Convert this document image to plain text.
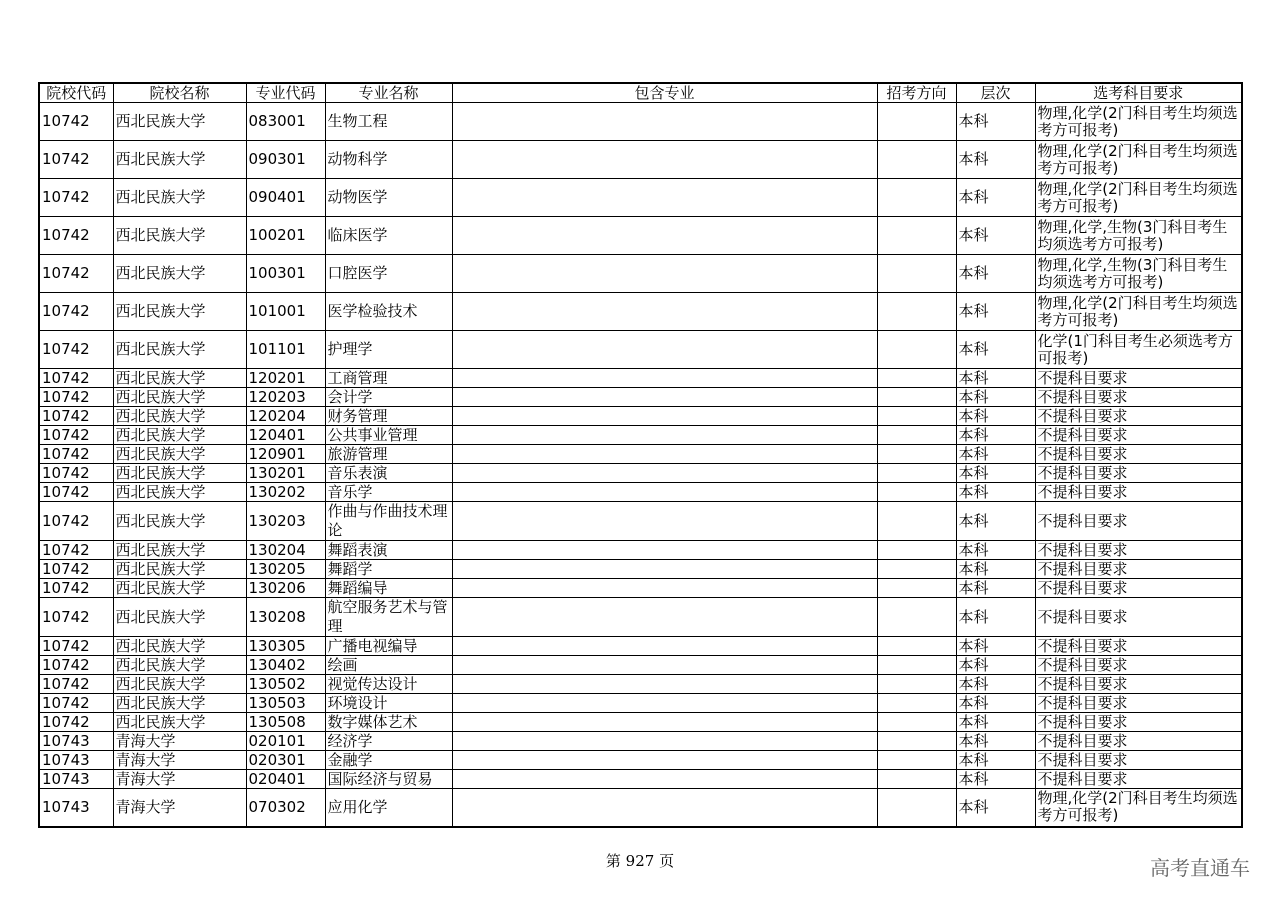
院校代码	院校名称	专业代码	专业名称	包含专业	招考方向	层次	选考科目要求
10742	西北民族大学	083001	生物工程			本科	物理,化学(2门科目考生均须选考方可报考)
10742	西北民族大学	090301	动物科学			本科	物理,化学(2门科目考生均须选考方可报考)
10742	西北民族大学	090401	动物医学			本科	物理,化学(2门科目考生均须选考方可报考)
10742	西北民族大学	100201	临床医学			本科	物理,化学,生物(3门科目考生均须选考方可报考)
10742	西北民族大学	100301	口腔医学			本科	物理,化学,生物(3门科目考生均须选考方可报考)
10742	西北民族大学	101001	医学检验技术			本科	物理,化学(2门科目考生均须选考方可报考)
10742	西北民族大学	101101	护理学			本科	化学(1门科目考生必须选考方可报考)
10742	西北民族大学	120201	工商管理			本科	不提科目要求
10742	西北民族大学	120203	会计学			本科	不提科目要求
10742	西北民族大学	120204	财务管理			本科	不提科目要求
10742	西北民族大学	120401	公共事业管理			本科	不提科目要求
10742	西北民族大学	120901	旅游管理			本科	不提科目要求
10742	西北民族大学	130201	音乐表演			本科	不提科目要求
10742	西北民族大学	130202	音乐学			本科	不提科目要求
10742	西北民族大学	130203	作曲与作曲技术理论			本科	不提科目要求
10742	西北民族大学	130204	舞蹈表演			本科	不提科目要求
10742	西北民族大学	130205	舞蹈学			本科	不提科目要求
10742	西北民族大学	130206	舞蹈编导			本科	不提科目要求
10742	西北民族大学	130208	航空服务艺术与管理			本科	不提科目要求
10742	西北民族大学	130305	广播电视编导			本科	不提科目要求
10742	西北民族大学	130402	绘画			本科	不提科目要求
10742	西北民族大学	130502	视觉传达设计			本科	不提科目要求
10742	西北民族大学	130503	环境设计			本科	不提科目要求
10742	西北民族大学	130508	数字媒体艺术			本科	不提科目要求
10743	青海大学	020101	经济学			本科	不提科目要求
10743	青海大学	020301	金融学			本科	不提科目要求
10743	青海大学	020401	国际经济与贸易			本科	不提科目要求
10743	青海大学	070302	应用化学			本科	物理,化学(2门科目考生均须选考方可报考)
第 927 页	高考直通车
